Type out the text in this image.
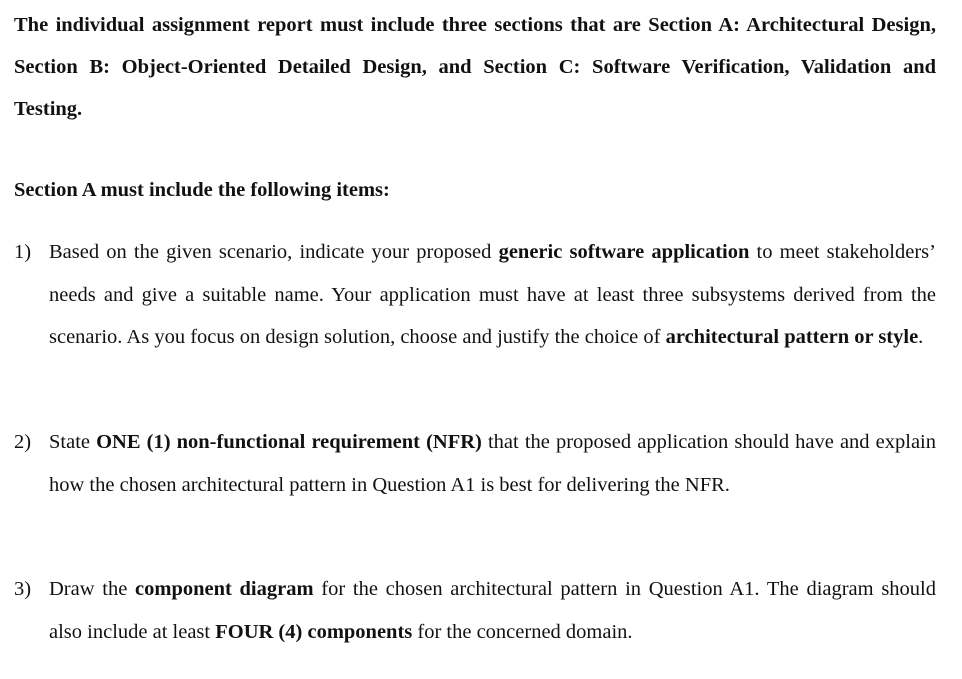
The individual assignment report must include three sections that are Section A: Architectural Design, Section B: Object-Oriented Detailed Design, and Section C: Software Verification, Validation and Testing.

Section A must include the following items:

1) Based on the given scenario, indicate your proposed generic software application to meet stakeholders’ needs and give a suitable name. Your application must have at least three subsystems derived from the scenario. As you focus on design solution, choose and justify the choice of architectural pattern or style.

2) State ONE (1) non-functional requirement (NFR) that the proposed application should have and explain how the chosen architectural pattern in Question A1 is best for delivering the NFR.

3) Draw the component diagram for the chosen architectural pattern in Question A1. The diagram should also include at least FOUR (4) components for the concerned domain.
